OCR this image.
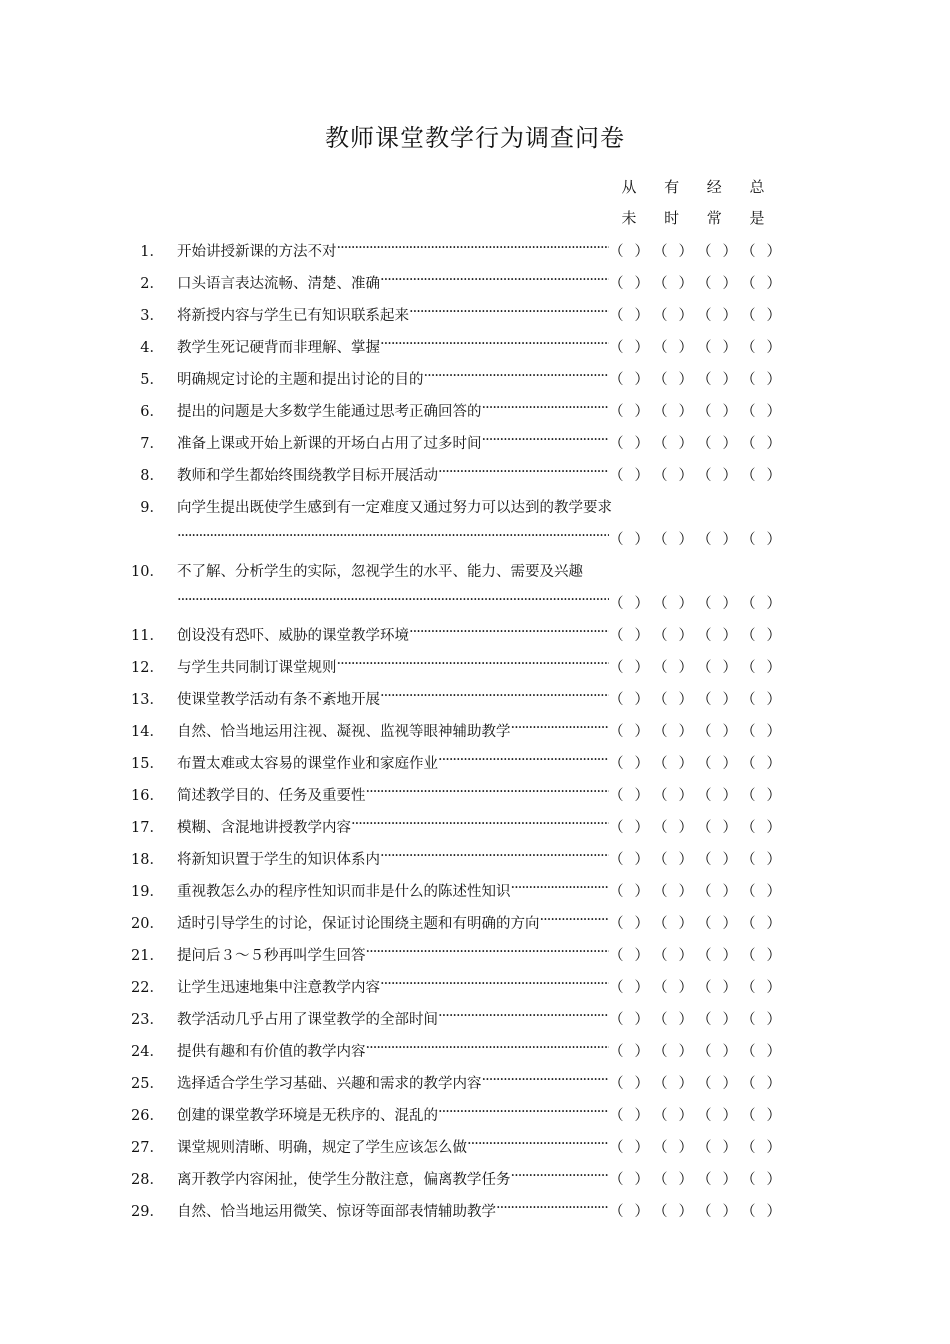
教师课堂教学行为调查问卷
从	有	经	总
未	时	常	是
1． 开始讲授新课的方法不对 ·····	（ ） （ ） （ ） （ ）
2． 口头语言表达流畅、清楚、准确 ·····	（ ） （ ） （ ） （ ）
3． 将新授内容与学生已有知识联系起来 ·····	（ ） （ ） （ ） （ ）
4． 教学生死记硬背而非理解、掌握 ·····	（ ） （ ） （ ） （ ）
5． 明确规定讨论的主题和提出讨论的目的 ·····	（ ） （ ） （ ） （ ）
6． 提出的问题是大多数学生能通过思考正确回答的 ·····	（ ） （ ） （ ） （ ）
7． 准备上课或开始上新课的开场白占用了过多时间 ·····	（ ） （ ） （ ） （ ）
8． 教师和学生都始终围绕教学目标开展活动 ·····	（ ） （ ） （ ） （ ）
9． 向学生提出既使学生感到有一定难度又通过努力可以达到的教学要求
·····
（ ） （ ） （ ） （ ）
10． 不了解、分析学生的实际，忽视学生的水平、能力、需要及兴趣
·····
（ ） （ ） （ ） （ ）
11． 创设没有恐吓、威胁的课堂教学环境 ·····	（ ） （ ） （ ） （ ）
12． 与学生共同制订课堂规则 ·····	（ ） （ ） （ ） （ ）
13． 使课堂教学活动有条不紊地开展 ·····	（ ） （ ） （ ） （ ）
14． 自然、恰当地运用注视、凝视、监视等眼神辅助教学 ·····	（ ） （ ） （ ） （ ）
15． 布置太难或太容易的课堂作业和家庭作业 ·····	（ ） （ ） （ ） （ ）
16． 简述教学目的、任务及重要性 ·····	（ ） （ ） （ ） （ ）
17． 模糊、含混地讲授教学内容 ·····	（ ） （ ） （ ） （ ）
18． 将新知识置于学生的知识体系内 ·····	（ ） （ ） （ ） （ ）
19． 重视教怎么办的程序性知识而非是什么的陈述性知识 ·····	（ ） （ ） （ ） （ ）
20． 适时引导学生的讨论，保证讨论围绕主题和有明确的方向 ·····	（ ） （ ） （ ） （ ）
21． 提问后３～５秒再叫学生回答 ·····	（ ） （ ） （ ） （ ）
22． 让学生迅速地集中注意教学内容 ·····	（ ） （ ） （ ） （ ）
23． 教学活动几乎占用了课堂教学的全部时间 ·····	（ ） （ ） （ ） （ ）
24． 提供有趣和有价值的教学内容 ·····	（ ） （ ） （ ） （ ）
25． 选择适合学生学习基础、兴趣和需求的教学内容 ·····	（ ） （ ） （ ） （ ）
26． 创建的课堂教学环境是无秩序的、混乱的 ·····	（ ） （ ） （ ） （ ）
27． 课堂规则清晰、明确，规定了学生应该怎么做 ·····	（ ） （ ） （ ） （ ）
28． 离开教学内容闲扯，使学生分散注意，偏离教学任务 ·····	（ ） （ ） （ ） （ ）
29． 自然、恰当地运用微笑、惊讶等面部表情辅助教学 ·····	（ ） （ ） （ ） （ ）
